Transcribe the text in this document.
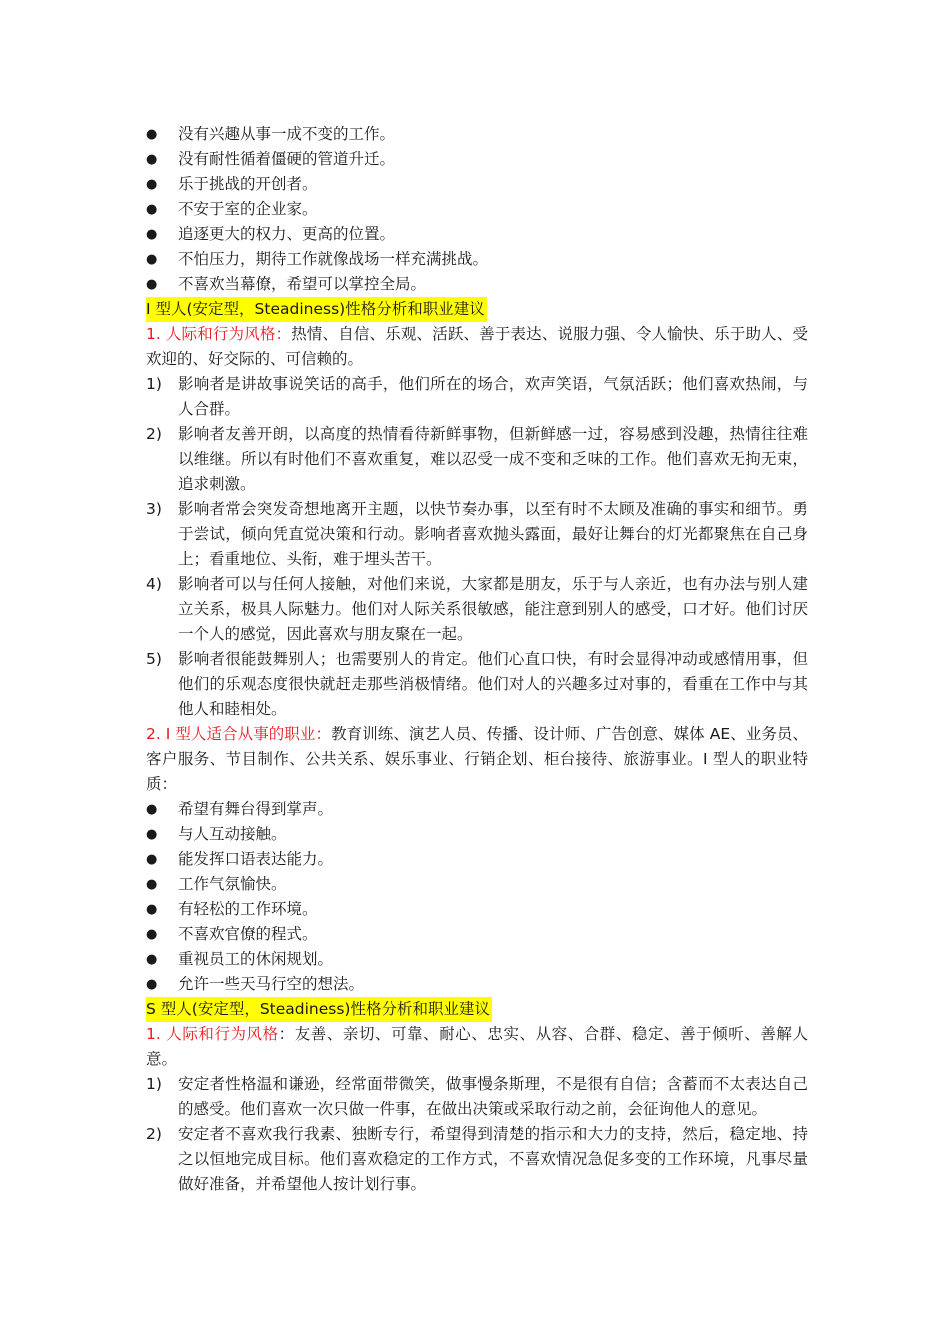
●	没有兴趣从事一成不变的工作。
●	没有耐性循着僵硬的管道升迁。
●	乐于挑战的开创者。
●	不安于室的企业家。
●	追逐更大的权力、更高的位置。
●	不怕压力，期待工作就像战场一样充满挑战。
●	不喜欢当幕僚，希望可以掌控全局。
I 型人(安定型，Steadiness)性格分析和职业建议
1. 人际和行为风格：热情、自信、乐观、活跃、善于表达、说服力强、令人愉快、乐于助人、受欢迎的、好交际的、可信赖的。
1)	影响者是讲故事说笑话的高手，他们所在的场合，欢声笑语，气氛活跃；他们喜欢热闹，与人合群。
2)	影响者友善开朗，以高度的热情看待新鲜事物，但新鲜感一过，容易感到没趣，热情往往难以维继。所以有时他们不喜欢重复，难以忍受一成不变和乏味的工作。他们喜欢无拘无束，追求刺激。
3)	影响者常会突发奇想地离开主题，以快节奏办事，以至有时不太顾及准确的事实和细节。勇于尝试，倾向凭直觉决策和行动。影响者喜欢抛头露面，最好让舞台的灯光都聚焦在自己身上；看重地位、头衔，难于埋头苦干。
4)	影响者可以与任何人接触，对他们来说，大家都是朋友，乐于与人亲近，也有办法与别人建立关系，极具人际魅力。他们对人际关系很敏感，能注意到别人的感受，口才好。他们讨厌一个人的感觉，因此喜欢与朋友聚在一起。
5)	影响者很能鼓舞别人；也需要别人的肯定。他们心直口快，有时会显得冲动或感情用事，但他们的乐观态度很快就赶走那些消极情绪。他们对人的兴趣多过对事的，看重在工作中与其他人和睦相处。
2. I 型人适合从事的职业：教育训练、演艺人员、传播、设计师、广告创意、媒体 AE、业务员、客户服务、节目制作、公共关系、娱乐事业、行销企划、柜台接待、旅游事业。I 型人的职业特质：
●	希望有舞台得到掌声。
●	与人互动接触。
●	能发挥口语表达能力。
●	工作气氛愉快。
●	有轻松的工作环境。
●	不喜欢官僚的程式。
●	重视员工的休闲规划。
●	允许一些天马行空的想法。
S 型人(安定型，Steadiness)性格分析和职业建议
1. 人际和行为风格：友善、亲切、可靠、耐心、忠实、从容、合群、稳定、善于倾听、善解人意。
1)	安定者性格温和谦逊，经常面带微笑，做事慢条斯理，不是很有自信；含蓄而不太表达自己的感受。他们喜欢一次只做一件事，在做出决策或采取行动之前，会征询他人的意见。
2)	安定者不喜欢我行我素、独断专行，希望得到清楚的指示和大力的支持，然后，稳定地、持之以恒地完成目标。他们喜欢稳定的工作方式，不喜欢情况急促多变的工作环境，凡事尽量做好准备，并希望他人按计划行事。
